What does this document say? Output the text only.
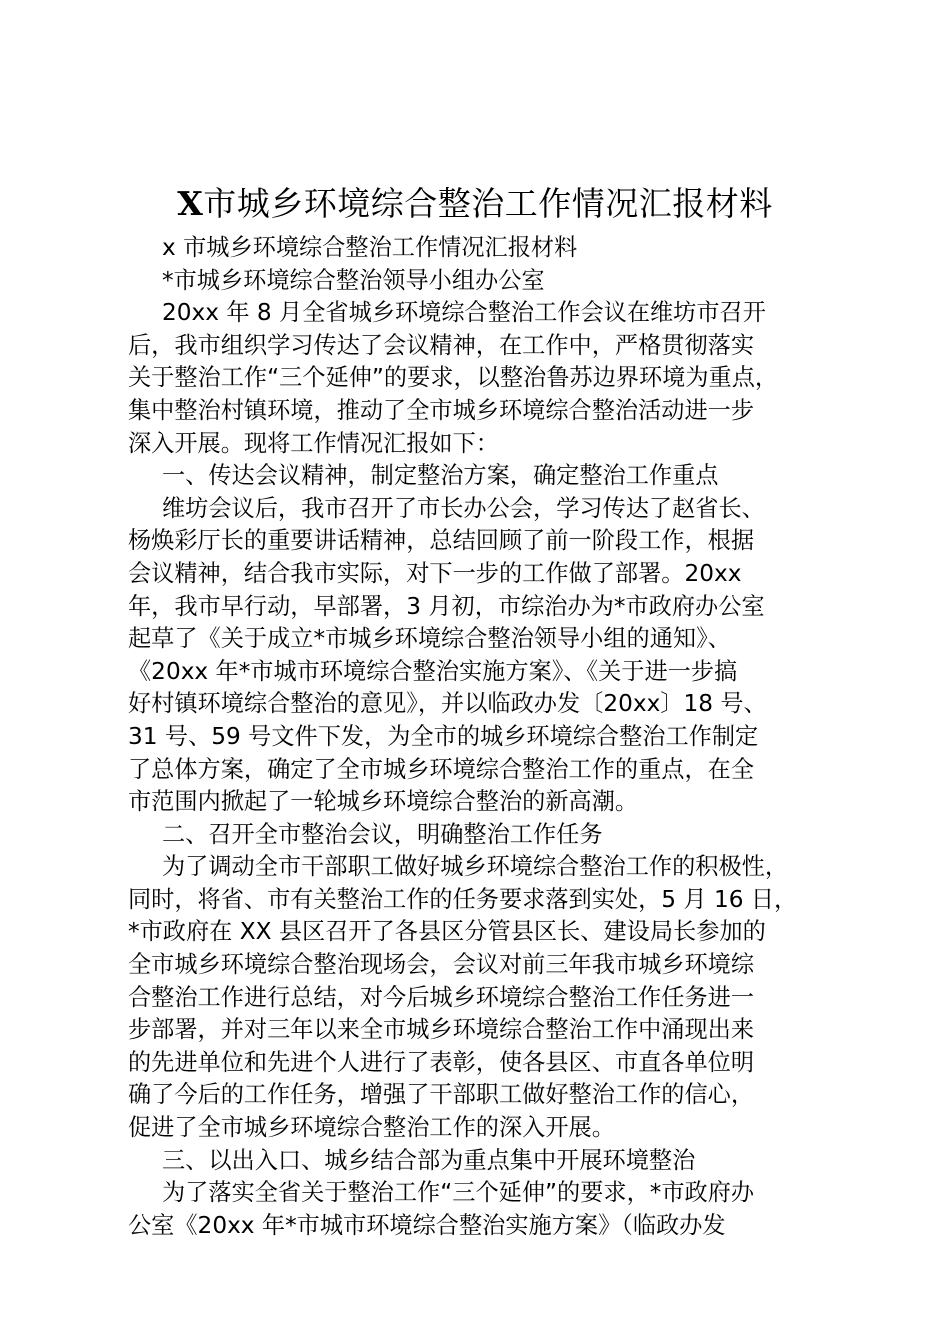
X市城乡环境综合整治工作情况汇报材料
x 市城乡环境综合整治工作情况汇报材料
*市城乡环境综合整治领导小组办公室
20xx 年 8 月全省城乡环境综合整治工作会议在维坊市召开
后，我市组织学习传达了会议精神，在工作中，严格贯彻落实
关于整治工作“三个延伸”的要求，以整治鲁苏边界环境为重点，
集中整治村镇环境，推动了全市城乡环境综合整治活动进一步
深入开展。现将工作情况汇报如下：
一、传达会议精神，制定整治方案，确定整治工作重点
维坊会议后，我市召开了市长办公会，学习传达了赵省长、
杨焕彩厅长的重要讲话精神，总结回顾了前一阶段工作，根据
会议精神，结合我市实际，对下一步的工作做了部署。20xx
年，我市早行动，早部署，3 月初，市综治办为*市政府办公室
起草了《关于成立*市城乡环境综合整治领导小组的通知》、
《20xx 年*市城市环境综合整治实施方案》、《关于进一步搞
好村镇环境综合整治的意见》，并以临政办发〔20xx〕18 号、
31 号、59 号文件下发，为全市的城乡环境综合整治工作制定
了总体方案，确定了全市城乡环境综合整治工作的重点，在全
市范围内掀起了一轮城乡环境综合整治的新高潮。
二、召开全市整治会议，明确整治工作任务
为了调动全市干部职工做好城乡环境综合整治工作的积极性，
同时，将省、市有关整治工作的任务要求落到实处，5 月 16 日，
*市政府在 XX 县区召开了各县区分管县区长、建设局长参加的
全市城乡环境综合整治现场会，会议对前三年我市城乡环境综
合整治工作进行总结，对今后城乡环境综合整治工作任务进一
步部署，并对三年以来全市城乡环境综合整治工作中涌现出来
的先进单位和先进个人进行了表彰，使各县区、市直各单位明
确了今后的工作任务，增强了干部职工做好整治工作的信心，
促进了全市城乡环境综合整治工作的深入开展。
三、以出入口、城乡结合部为重点集中开展环境整治
为了落实全省关于整治工作“三个延伸”的要求，*市政府办
公室《20xx 年*市城市环境综合整治实施方案》（临政办发
